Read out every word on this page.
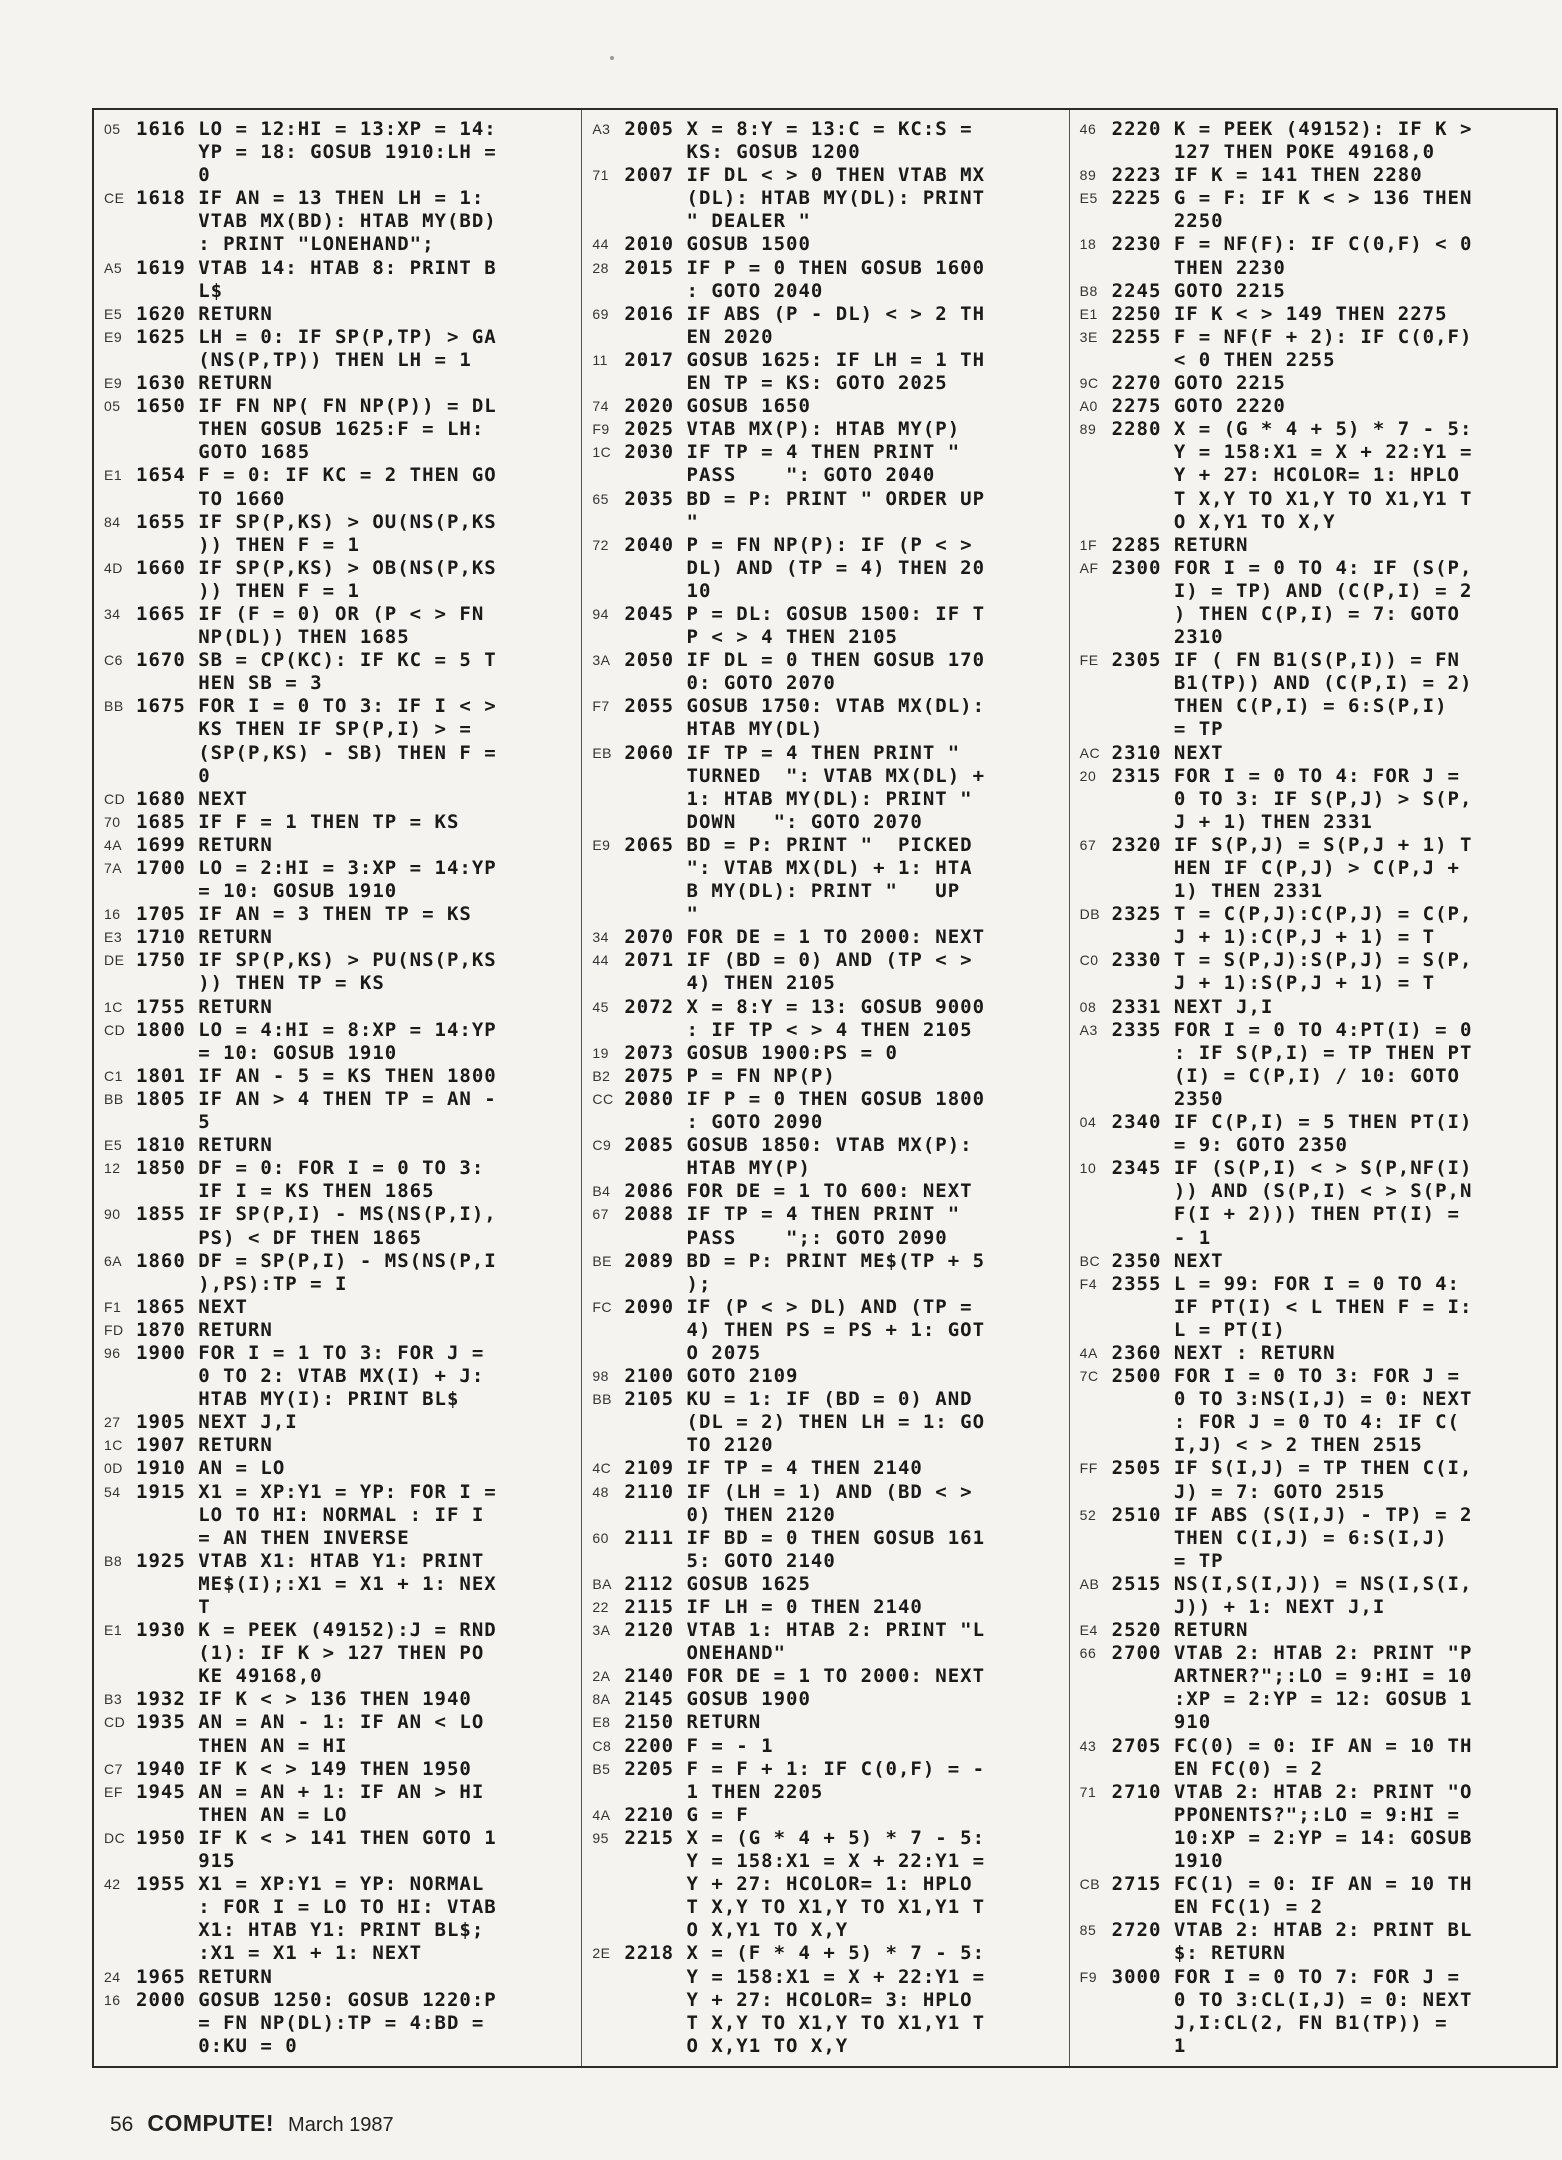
05 1616 LO = 12:HI = 13:XP = 14:
YP = 18: GOSUB 1910:LH =
0
CE 1618 IF AN = 13 THEN LH = 1:
VTAB MX(BD): HTAB MY(BD)
: PRINT "LONEHAND";
A5 1619 VTAB 14: HTAB 8: PRINT B
L$
E5 1620 RETURN
E9 1625 LH = 0: IF SP(P,TP) > GA
(NS(P,TP)) THEN LH = 1
E9 1630 RETURN
05 1650 IF FN NP( FN NP(P)) = DL
THEN GOSUB 1625:F = LH:
GOTO 1685
E1 1654 F = 0: IF KC = 2 THEN GO
TO 1660
84 1655 IF SP(P,KS) > OU(NS(P,KS
)) THEN F = 1
4D 1660 IF SP(P,KS) > OB(NS(P,KS
)) THEN F = 1
34 1665 IF (F = 0) OR (P < > FN
NP(DL)) THEN 1685
C6 1670 SB = CP(KC): IF KC = 5 T
HEN SB = 3
BB 1675 FOR I = 0 TO 3: IF I < >
KS THEN IF SP(P,I) > =
(SP(P,KS) - SB) THEN F =
0
CD 1680 NEXT
70 1685 IF F = 1 THEN TP = KS
4A 1699 RETURN
7A 1700 LO = 2:HI = 3:XP = 14:YP
= 10: GOSUB 1910
16 1705 IF AN = 3 THEN TP = KS
E3 1710 RETURN
DE 1750 IF SP(P,KS) > PU(NS(P,KS
)) THEN TP = KS
1C 1755 RETURN
CD 1800 LO = 4:HI = 8:XP = 14:YP
= 10: GOSUB 1910
C1 1801 IF AN - 5 = KS THEN 1800
BB 1805 IF AN > 4 THEN TP = AN -
5
E5 1810 RETURN
12 1850 DF = 0: FOR I = 0 TO 3:
IF I = KS THEN 1865
90 1855 IF SP(P,I) - MS(NS(P,I),
PS) < DF THEN 1865
6A 1860 DF = SP(P,I) - MS(NS(P,I
),PS):TP = I
F1 1865 NEXT
FD 1870 RETURN
96 1900 FOR I = 1 TO 3: FOR J =
0 TO 2: VTAB MX(I) + J:
HTAB MY(I): PRINT BL$
27 1905 NEXT J,I
1C 1907 RETURN
0D 1910 AN = LO
54 1915 X1 = XP:Y1 = YP: FOR I =
LO TO HI: NORMAL : IF I
= AN THEN INVERSE
B8 1925 VTAB X1: HTAB Y1: PRINT
ME$(I);:X1 = X1 + 1: NEX
T
E1 1930 K = PEEK (49152):J = RND
(1): IF K > 127 THEN PO
KE 49168,0
B3 1932 IF K < > 136 THEN 1940
CD 1935 AN = AN - 1: IF AN < LO
THEN AN = HI
C7 1940 IF K < > 149 THEN 1950
EF 1945 AN = AN + 1: IF AN > HI
THEN AN = LO
DC 1950 IF K < > 141 THEN GOTO 1
915
42 1955 X1 = XP:Y1 = YP: NORMAL
: FOR I = LO TO HI: VTAB
X1: HTAB Y1: PRINT BL$;
:X1 = X1 + 1: NEXT
24 1965 RETURN
16 2000 GOSUB 1250: GOSUB 1220:P
= FN NP(DL):TP = 4:BD =
0:KU = 0
A3 2005 X = 8:Y = 13:C = KC:S =
KS: GOSUB 1200
71 2007 IF DL < > 0 THEN VTAB MX
(DL): HTAB MY(DL): PRINT
" DEALER "
44 2010 GOSUB 1500
28 2015 IF P = 0 THEN GOSUB 1600
: GOTO 2040
69 2016 IF ABS (P - DL) < > 2 TH
EN 2020
11 2017 GOSUB 1625: IF LH = 1 TH
EN TP = KS: GOTO 2025
74 2020 GOSUB 1650
F9 2025 VTAB MX(P): HTAB MY(P)
1C 2030 IF TP = 4 THEN PRINT "
PASS    ": GOTO 2040
65 2035 BD = P: PRINT " ORDER UP
"
72 2040 P = FN NP(P): IF (P < >
DL) AND (TP = 4) THEN 20
10
94 2045 P = DL: GOSUB 1500: IF T
P < > 4 THEN 2105
3A 2050 IF DL = 0 THEN GOSUB 170
0: GOTO 2070
F7 2055 GOSUB 1750: VTAB MX(DL):
HTAB MY(DL)
EB 2060 IF TP = 4 THEN PRINT "
TURNED  ": VTAB MX(DL) +
1: HTAB MY(DL): PRINT "
DOWN   ": GOTO 2070
E9 2065 BD = P: PRINT "  PICKED
": VTAB MX(DL) + 1: HTA
B MY(DL): PRINT "   UP
"
34 2070 FOR DE = 1 TO 2000: NEXT
44 2071 IF (BD = 0) AND (TP < >
4) THEN 2105
45 2072 X = 8:Y = 13: GOSUB 9000
: IF TP < > 4 THEN 2105
19 2073 GOSUB 1900:PS = 0
B2 2075 P = FN NP(P)
CC 2080 IF P = 0 THEN GOSUB 1800
: GOTO 2090
C9 2085 GOSUB 1850: VTAB MX(P):
HTAB MY(P)
B4 2086 FOR DE = 1 TO 600: NEXT
67 2088 IF TP = 4 THEN PRINT "
PASS    ";: GOTO 2090
BE 2089 BD = P: PRINT ME$(TP + 5
);
FC 2090 IF (P < > DL) AND (TP =
4) THEN PS = PS + 1: GOT
O 2075
98 2100 GOTO 2109
BB 2105 KU = 1: IF (BD = 0) AND
(DL = 2) THEN LH = 1: GO
TO 2120
4C 2109 IF TP = 4 THEN 2140
48 2110 IF (LH = 1) AND (BD < >
0) THEN 2120
60 2111 IF BD = 0 THEN GOSUB 161
5: GOTO 2140
BA 2112 GOSUB 1625
22 2115 IF LH = 0 THEN 2140
3A 2120 VTAB 1: HTAB 2: PRINT "L
ONEHAND"
2A 2140 FOR DE = 1 TO 2000: NEXT
8A 2145 GOSUB 1900
E8 2150 RETURN
C8 2200 F = - 1
B5 2205 F = F + 1: IF C(0,F) = -
1 THEN 2205
4A 2210 G = F
95 2215 X = (G * 4 + 5) * 7 - 5:
Y = 158:X1 = X + 22:Y1 =
Y + 27: HCOLOR= 1: HPLO
T X,Y TO X1,Y TO X1,Y1 T
O X,Y1 TO X,Y
2E 2218 X = (F * 4 + 5) * 7 - 5:
Y = 158:X1 = X + 22:Y1 =
Y + 27: HCOLOR= 3: HPLO
T X,Y TO X1,Y TO X1,Y1 T
O X,Y1 TO X,Y
46 2220 K = PEEK (49152): IF K >
127 THEN POKE 49168,0
89 2223 IF K = 141 THEN 2280
E5 2225 G = F: IF K < > 136 THEN
2250
18 2230 F = NF(F): IF C(0,F) < 0
THEN 2230
B8 2245 GOTO 2215
E1 2250 IF K < > 149 THEN 2275
3E 2255 F = NF(F + 2): IF C(0,F)
< 0 THEN 2255
9C 2270 GOTO 2215
A0 2275 GOTO 2220
89 2280 X = (G * 4 + 5) * 7 - 5:
Y = 158:X1 = X + 22:Y1 =
Y + 27: HCOLOR= 1: HPLO
T X,Y TO X1,Y TO X1,Y1 T
O X,Y1 TO X,Y
1F 2285 RETURN
AF 2300 FOR I = 0 TO 4: IF (S(P,
I) = TP) AND (C(P,I) = 2
) THEN C(P,I) = 7: GOTO
2310
FE 2305 IF ( FN B1(S(P,I)) = FN
B1(TP)) AND (C(P,I) = 2)
THEN C(P,I) = 6:S(P,I)
= TP
AC 2310 NEXT
20 2315 FOR I = 0 TO 4: FOR J =
0 TO 3: IF S(P,J) > S(P,
J + 1) THEN 2331
67 2320 IF S(P,J) = S(P,J + 1) T
HEN IF C(P,J) > C(P,J +
1) THEN 2331
DB 2325 T = C(P,J):C(P,J) = C(P,
J + 1):C(P,J + 1) = T
C0 2330 T = S(P,J):S(P,J) = S(P,
J + 1):S(P,J + 1) = T
08 2331 NEXT J,I
A3 2335 FOR I = 0 TO 4:PT(I) = 0
: IF S(P,I) = TP THEN PT
(I) = C(P,I) / 10: GOTO
2350
04 2340 IF C(P,I) = 5 THEN PT(I)
= 9: GOTO 2350
10 2345 IF (S(P,I) < > S(P,NF(I)
)) AND (S(P,I) < > S(P,N
F(I + 2))) THEN PT(I) =
- 1
BC 2350 NEXT
F4 2355 L = 99: FOR I = 0 TO 4:
IF PT(I) < L THEN F = I:
L = PT(I)
4A 2360 NEXT : RETURN
7C 2500 FOR I = 0 TO 3: FOR J =
0 TO 3:NS(I,J) = 0: NEXT
: FOR J = 0 TO 4: IF C(
I,J) < > 2 THEN 2515
FF 2505 IF S(I,J) = TP THEN C(I,
J) = 7: GOTO 2515
52 2510 IF ABS (S(I,J) - TP) = 2
THEN C(I,J) = 6:S(I,J)
= TP
AB 2515 NS(I,S(I,J)) = NS(I,S(I,
J)) + 1: NEXT J,I
E4 2520 RETURN
66 2700 VTAB 2: HTAB 2: PRINT "P
ARTNER?";:LO = 9:HI = 10
:XP = 2:YP = 12: GOSUB 1
910
43 2705 FC(0) = 0: IF AN = 10 TH
EN FC(0) = 2
71 2710 VTAB 2: HTAB 2: PRINT "O
PPONENTS?";:LO = 9:HI =
10:XP = 2:YP = 14: GOSUB
1910
CB 2715 FC(1) = 0: IF AN = 10 TH
EN FC(1) = 2
85 2720 VTAB 2: HTAB 2: PRINT BL
$: RETURN
F9 3000 FOR I = 0 TO 7: FOR J =
0 TO 3:CL(I,J) = 0: NEXT
J,I:CL(2, FN B1(TP)) =
1
56 COMPUTE! March 1987
